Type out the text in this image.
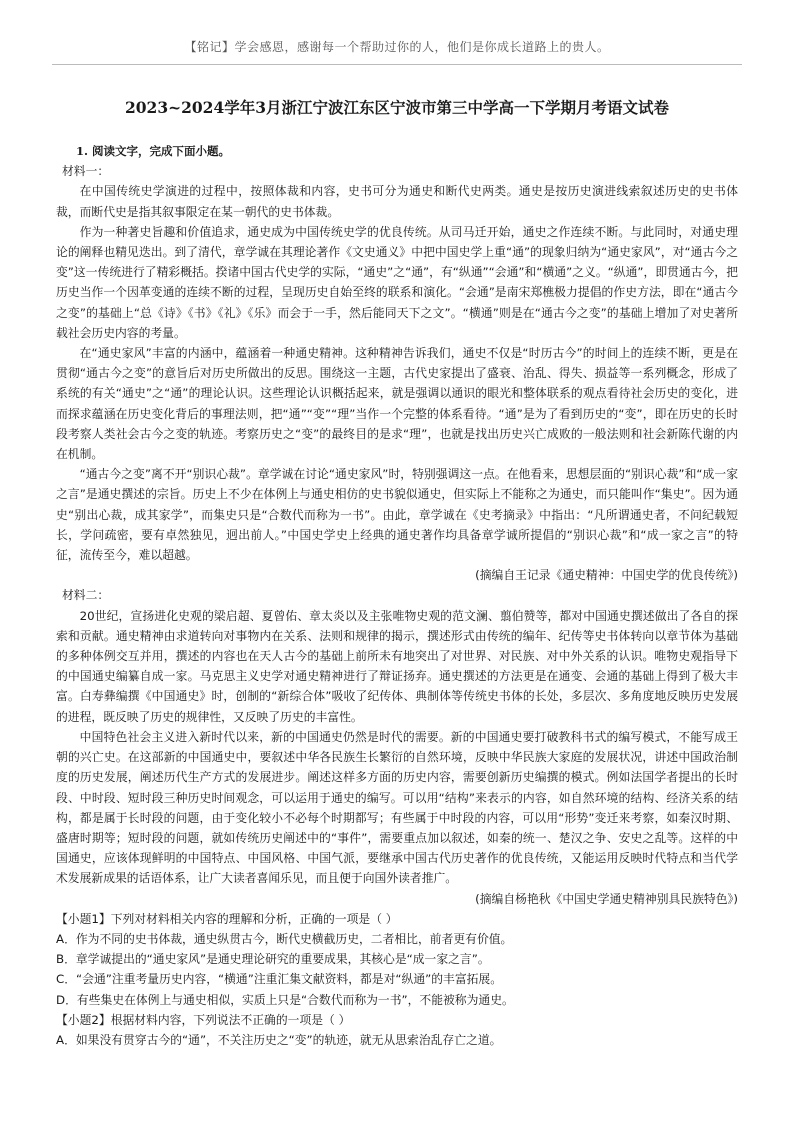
【铭记】学会感恩，感谢每一个帮助过你的人，他们是你成长道路上的贵人。
2023~2024学年3月浙江宁波江东区宁波市第三中学高一下学期月考语文试卷

1. 阅读文字，完成下面小题。

材料一：

在中国传统史学演进的过程中，按照体裁和内容，史书可分为通史和断代史两类。通史是按历史演进线索叙述历史的史书体裁，而断代史是指其叙事限定在某一朝代的史书体裁。

作为一种著史旨趣和价值追求，通史成为中国传统史学的优良传统。从司马迁开始，通史之作连续不断。与此同时，对通史理论的阐释也精见迭出。到了清代，章学诚在其理论著作《文史通义》中把中国史学上重“通”的现象归纳为“通史家风”，对“通古今之变”这一传统进行了精彩概括。揆诸中国古代史学的实际，“通史”之“通”，有“纵通”“会通”和“横通”之义。“纵通”，即贯通古今，把历史当作一个因革变通的连续不断的过程，呈现历史自始至终的联系和演化。“会通”是南宋郑樵极力提倡的作史方法，即在“通古今之变”的基础上“总《诗》《书》《礼》《乐》而会于一手，然后能同天下之文”。“横通”则是在“通古今之变”的基础上增加了对史著所载社会历史内容的考量。

在“通史家风”丰富的内涵中，蕴涵着一种通史精神。这种精神告诉我们，通史不仅是“时历古今”的时间上的连续不断，更是在贯彻“通古今之变”的意旨后对历史所做出的反思。围绕这一主题，古代史家提出了盛衰、治乱、得失、损益等一系列概念，形成了系统的有关“通史”之“通”的理论认识。这些理论认识概括起来，就是强调以通识的眼光和整体联系的观点看待社会历史的变化，进而探求蕴涵在历史变化背后的事理法则，把“通”“变”“理”当作一个完整的体系看待。“通”是为了看到历史的“变”，即在历史的长时段考察人类社会古今之变的轨迹。考察历史之“变”的最终目的是求“理”，也就是找出历史兴亡成败的一般法则和社会新陈代谢的内在机制。

“通古今之变”离不开“别识心裁”。章学诚在讨论“通史家风”时，特别强调这一点。在他看来，思想层面的“别识心裁”和“成一家之言”是通史撰述的宗旨。历史上不少在体例上与通史相仿的史书貌似通史，但实际上不能称之为通史，而只能叫作“集史”。因为通史“别出心裁，成其家学”，而集史只是“合数代而称为一书”。由此，章学诚在《史考摘录》中指出：“凡所谓通史者，不问纪载短长，学问疏密，要有卓然独见，迥出前人。”中国史学史上经典的通史著作均具备章学诚所提倡的“别识心裁”和“成一家之言”的特征，流传至今，难以超越。

(摘编自王记录《通史精神：中国史学的优良传统》)

材料二：

20世纪，宣扬进化史观的梁启超、夏曾佑、章太炎以及主张唯物史观的范文澜、翦伯赞等，都对中国通史撰述做出了各自的探索和贡献。通史精神由求道转向对事物内在关系、法则和规律的揭示，撰述形式由传统的编年、纪传等史书体转向以章节体为基础的多种体例交互并用，撰述的内容也在天人古今的基础上前所未有地突出了对世界、对民族、对中外关系的认识。唯物史观指导下的中国通史编纂自成一家。马克思主义史学对通史精神进行了辩证扬弃。通史撰述的方法更是在通变、会通的基础上得到了极大丰富。白寿彝编撰《中国通史》时，创制的“新综合体”吸收了纪传体、典制体等传统史书体的长处，多层次、多角度地反映历史发展的进程，既反映了历史的规律性，又反映了历史的丰富性。

中国特色社会主义进入新时代以来，新的中国通史仍然是时代的需要。新的中国通史要打破教科书式的编写模式，不能写成王朝的兴亡史。在这部新的中国通史中，要叙述中华各民族生长繁衍的自然环境，反映中华民族大家庭的发展状况，讲述中国政治制度的历史发展，阐述历代生产方式的发展进步。阐述这样多方面的历史内容，需要创新历史编撰的模式。例如法国学者提出的长时段、中时段、短时段三种历史时间观念，可以运用于通史的编写。可以用“结构”来表示的内容，如自然环境的结构、经济关系的结构，都是属于长时段的问题，由于变化较小不必每个时期都写；有些属于中时段的内容，可以用“形势”变迁来考察，如秦汉时期、盛唐时期等；短时段的问题，就如传统历史阐述中的“事件”，需要重点加以叙述，如秦的统一、楚汉之争、安史之乱等。这样的中国通史，应该体现鲜明的中国特点、中国风格、中国气派，要继承中国古代历史著作的优良传统，又能运用反映时代特点和当代学术发展新成果的话语体系，让广大读者喜闻乐见，而且便于向国外读者推广。

(摘编自杨艳秋《中国史学通史精神别具民族特色》)

【小题1】下列对材料相关内容的理解和分析，正确的一项是（ ）

A．作为不同的史书体裁，通史纵贯古今，断代史横截历史，二者相比，前者更有价值。

B．章学诚提出的“通史家风”是通史理论研究的重要成果，其核心是“成一家之言”。

C．“会通”注重考量历史内容，“横通”注重汇集文献资料，都是对“纵通”的丰富拓展。

D．有些集史在体例上与通史相似，实质上只是“合数代而称为一书”，不能被称为通史。

【小题2】根据材料内容，下列说法不正确的一项是（ ）

A．如果没有贯穿古今的“通”，不关注历史之“变”的轨迹，就无从思索治乱存亡之道。
